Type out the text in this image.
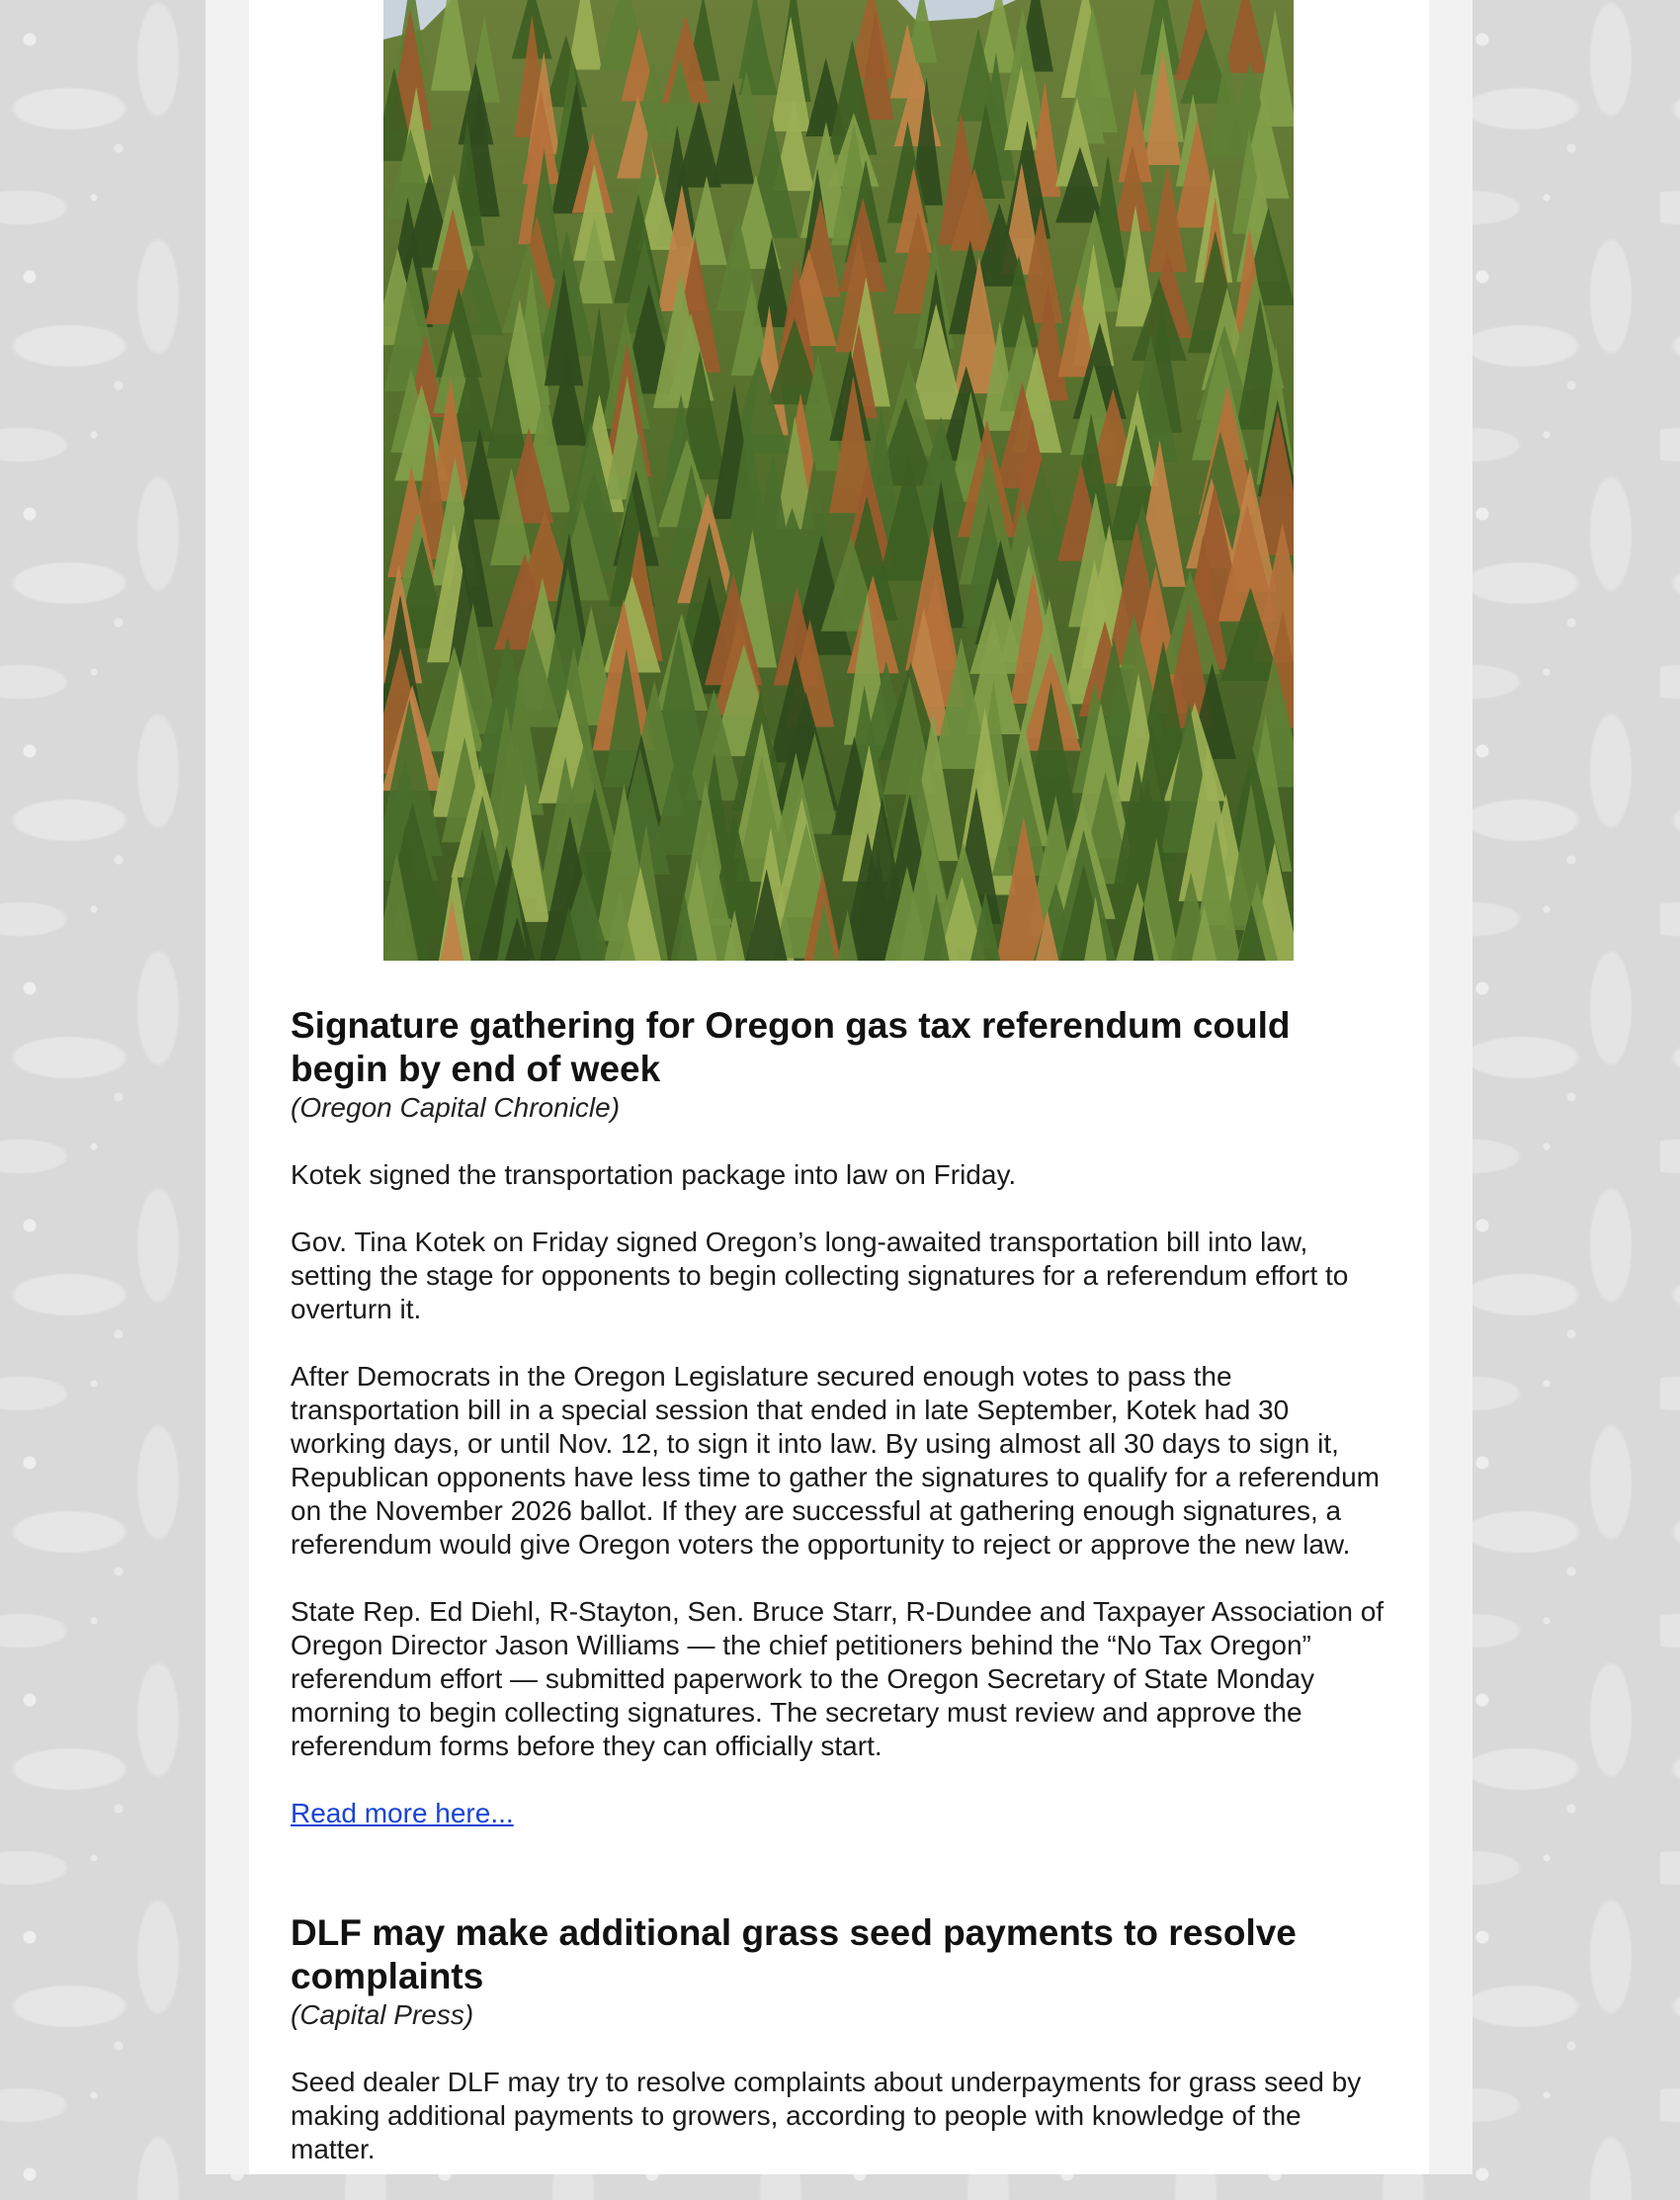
Signature gathering for Oregon gas tax referendum could begin by end of week

(Oregon Capital Chronicle)

Kotek signed the transportation package into law on Friday.

Gov. Tina Kotek on Friday signed Oregon’s long-awaited transportation bill into law, setting the stage for opponents to begin collecting signatures for a referendum effort to overturn it.

After Democrats in the Oregon Legislature secured enough votes to pass the transportation bill in a special session that ended in late September, Kotek had 30 working days, or until Nov. 12, to sign it into law. By using almost all 30 days to sign it, Republican opponents have less time to gather the signatures to qualify for a referendum on the November 2026 ballot. If they are successful at gathering enough signatures, a referendum would give Oregon voters the opportunity to reject or approve the new law.

State Rep. Ed Diehl, R-Stayton, Sen. Bruce Starr, R-Dundee and Taxpayer Association of Oregon Director Jason Williams — the chief petitioners behind the “No Tax Oregon” referendum effort — submitted paperwork to the Oregon Secretary of State Monday morning to begin collecting signatures. The secretary must review and approve the referendum forms before they can officially start.

Read more here...
DLF may make additional grass seed payments to resolve complaints

(Capital Press)

Seed dealer DLF may try to resolve complaints about underpayments for grass seed by making additional payments to growers, according to people with knowledge of the matter.
